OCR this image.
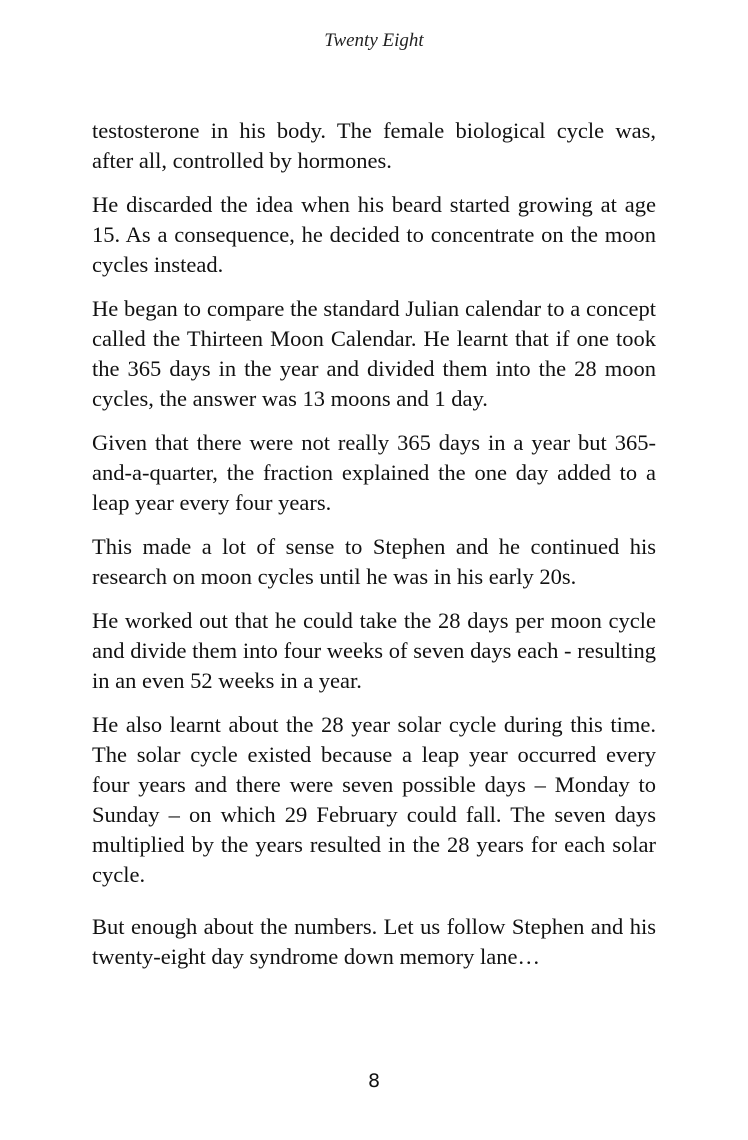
Twenty Eight

testosterone in his body. The female biological cycle was, after all, controlled by hormones.

He discarded the idea when his beard started growing at age 15. As a consequence, he decided to concentrate on the moon cycles instead.

He began to compare the standard Julian calendar to a concept called the Thirteen Moon Calendar. He learnt that if one took the 365 days in the year and divided them into the 28 moon cycles, the answer was 13 moons and 1 day.

Given that there were not really 365 days in a year but 365-and-a-quarter, the fraction explained the one day added to a leap year every four years.

This made a lot of sense to Stephen and he continued his research on moon cycles until he was in his early 20s.

He worked out that he could take the 28 days per moon cycle and divide them into four weeks of seven days each - resulting in an even 52 weeks in a year.

He also learnt about the 28 year solar cycle during this time. The solar cycle existed because a leap year occurred every four years and there were seven possible days – Monday to Sunday – on which 29 February could fall. The seven days multiplied by the years resulted in the 28 years for each solar cycle.

But enough about the numbers. Let us follow Stephen and his twenty-eight day syndrome down memory lane…

8
